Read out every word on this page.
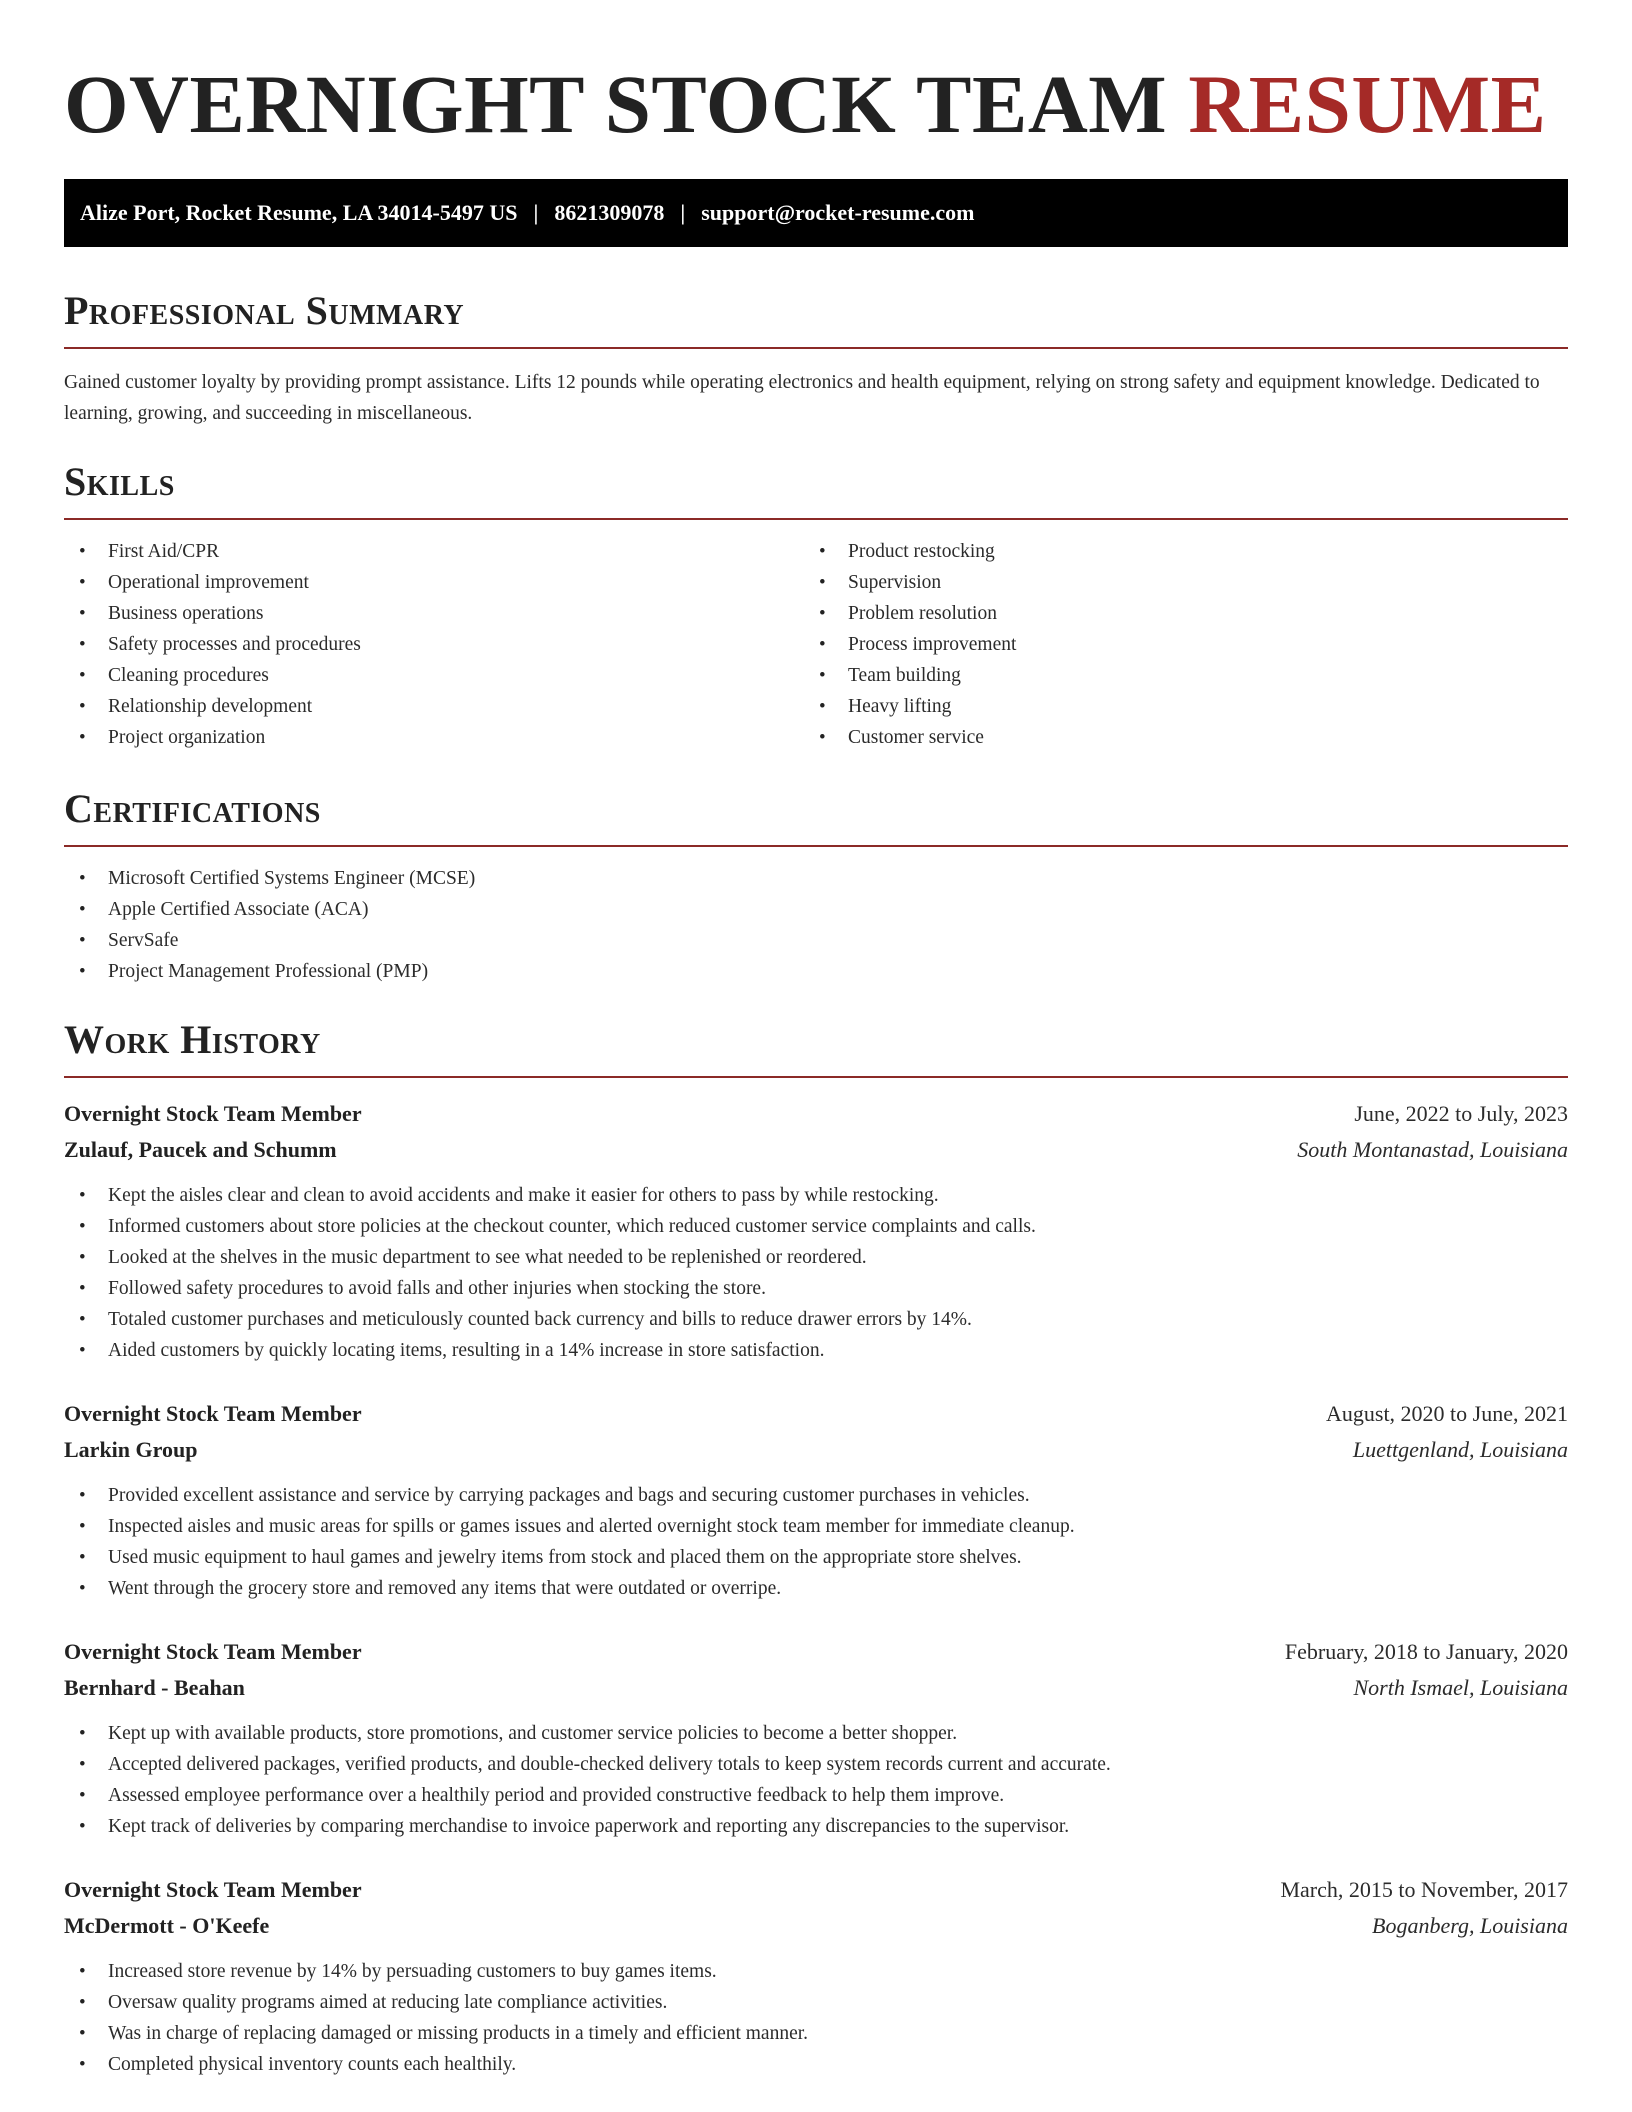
OVERNIGHT STOCK TEAM RESUME
Alize Port, Rocket Resume, LA 34014-5497 US | 8621309078 | support@rocket-resume.com
Professional Summary

Gained customer loyalty by providing prompt assistance. Lifts 12 pounds while operating electronics and health equipment, relying on strong safety and equipment knowledge. Dedicated to learning, growing, and succeeding in miscellaneous.

Skills
• First Aid/CPR
• Operational improvement
• Business operations
• Safety processes and procedures
• Cleaning procedures
• Relationship development
• Project organization
• Product restocking
• Supervision
• Problem resolution
• Process improvement
• Team building
• Heavy lifting
• Customer service
Certifications
• Microsoft Certified Systems Engineer (MCSE)
• Apple Certified Associate (ACA)
• ServSafe
• Project Management Professional (PMP)
Work History
Overnight Stock Team Member	June, 2022 to July, 2023
Zulauf, Paucek and Schumm	South Montanastad, Louisiana
• Kept the aisles clear and clean to avoid accidents and make it easier for others to pass by while restocking.
• Informed customers about store policies at the checkout counter, which reduced customer service complaints and calls.
• Looked at the shelves in the music department to see what needed to be replenished or reordered.
• Followed safety procedures to avoid falls and other injuries when stocking the store.
• Totaled customer purchases and meticulously counted back currency and bills to reduce drawer errors by 14%.
• Aided customers by quickly locating items, resulting in a 14% increase in store satisfaction.
Overnight Stock Team Member	August, 2020 to June, 2021
Larkin Group	Luettgenland, Louisiana
• Provided excellent assistance and service by carrying packages and bags and securing customer purchases in vehicles.
• Inspected aisles and music areas for spills or games issues and alerted overnight stock team member for immediate cleanup.
• Used music equipment to haul games and jewelry items from stock and placed them on the appropriate store shelves.
• Went through the grocery store and removed any items that were outdated or overripe.
Overnight Stock Team Member	February, 2018 to January, 2020
Bernhard - Beahan	North Ismael, Louisiana
• Kept up with available products, store promotions, and customer service policies to become a better shopper.
• Accepted delivered packages, verified products, and double-checked delivery totals to keep system records current and accurate.
• Assessed employee performance over a healthily period and provided constructive feedback to help them improve.
• Kept track of deliveries by comparing merchandise to invoice paperwork and reporting any discrepancies to the supervisor.
Overnight Stock Team Member	March, 2015 to November, 2017
McDermott - O'Keefe	Boganberg, Louisiana
• Increased store revenue by 14% by persuading customers to buy games items.
• Oversaw quality programs aimed at reducing late compliance activities.
• Was in charge of replacing damaged or missing products in a timely and efficient manner.
• Completed physical inventory counts each healthily.
